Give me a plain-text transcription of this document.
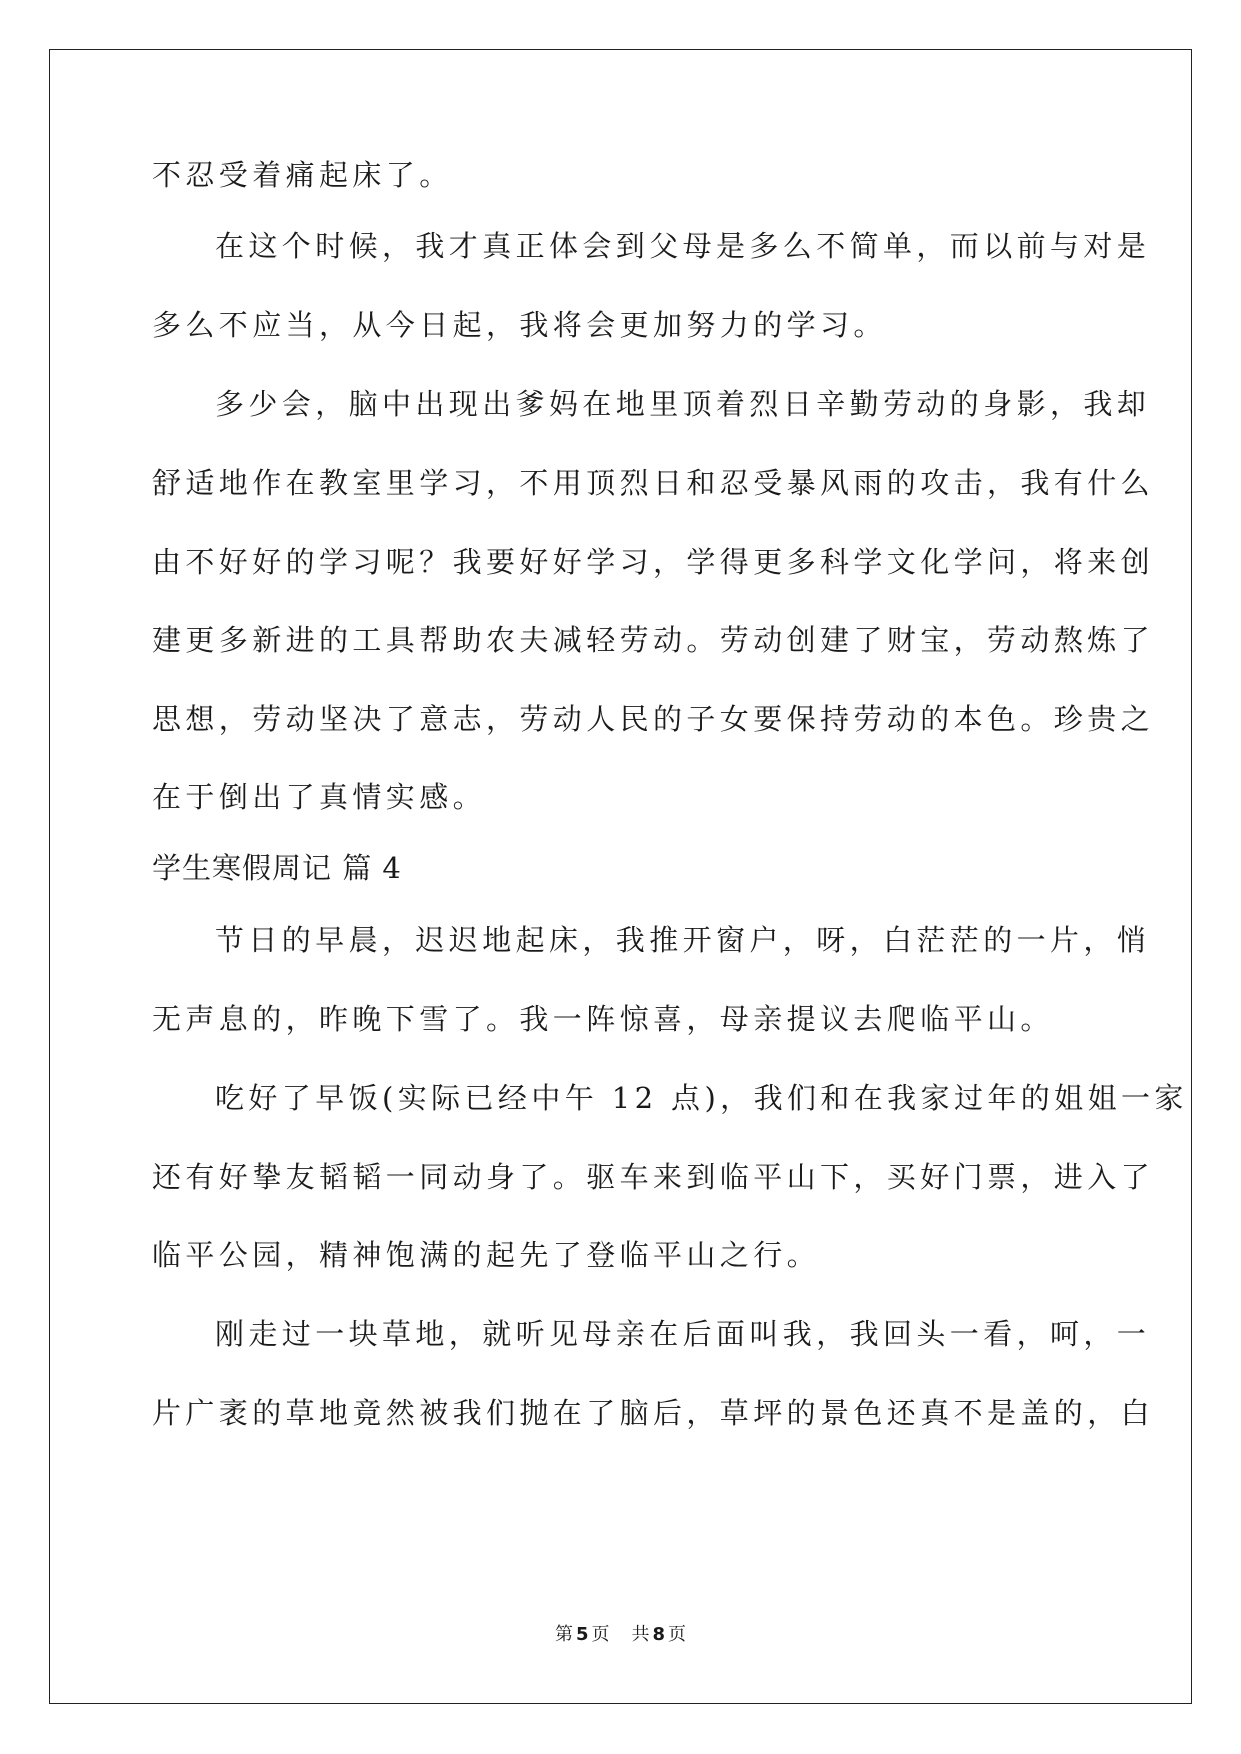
不忍受着痛起床了。
在这个时候，我才真正体会到父母是多么不简单，而以前与对是
多么不应当，从今日起，我将会更加努力的学习。
多少会，脑中出现出爹妈在地里顶着烈日辛勤劳动的身影，我却
舒适地作在教室里学习，不用顶烈日和忍受暴风雨的攻击，我有什么
由不好好的学习呢？我要好好学习，学得更多科学文化学问，将来创
建更多新进的工具帮助农夫减轻劳动。劳动创建了财宝，劳动熬炼了
思想，劳动坚决了意志，劳动人民的子女要保持劳动的本色。珍贵之
在于倒出了真情实感。
学生寒假周记 篇 4
节日的早晨，迟迟地起床，我推开窗户，呀，白茫茫的一片，悄
无声息的，昨晚下雪了。我一阵惊喜，母亲提议去爬临平山。
吃好了早饭(实际已经中午 12 点)，我们和在我家过年的姐姐一家
还有好挚友韬韬一同动身了。驱车来到临平山下，买好门票，进入了
临平公园，精神饱满的起先了登临平山之行。
刚走过一块草地，就听见母亲在后面叫我，我回头一看，呵，一
片广袤的草地竟然被我们抛在了脑后，草坪的景色还真不是盖的，白
第 5 页 共 8 页
